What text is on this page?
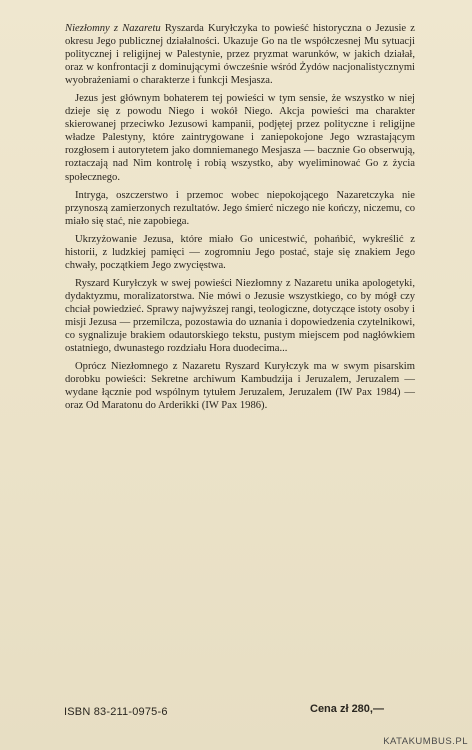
Niezłomny z Nazaretu Ryszarda Kuryłczyka to powieść historyczna o Jezusie z okresu Jego publicznej działalności. Ukazuje Go na tle współczesnej Mu sytuacji politycznej i religijnej w Palestynie, przez pryzmat warunków, w jakich działał, oraz w konfrontacji z dominującymi ówcześnie wśród Żydów nacjonalistycznymi wyobrażeniami o charakterze i funkcji Mesjasza.

Jezus jest głównym bohaterem tej powieści w tym sensie, że wszystko w niej dzieje się z powodu Niego i wokół Niego. Akcja powieści ma charakter skierowanej przeciwko Jezusowi kampanii, podjętej przez polityczne i religijne władze Palestyny, które zaintrygowane i zaniepokojone Jego wzrastającym rozgłosem i autorytetem jako domniemanego Mesjasza — bacznie Go obserwują, roztaczają nad Nim kontrolę i robią wszystko, aby wyeliminować Go z życia społecznego.

Intryga, oszczerstwo i przemoc wobec niepokojącego Nazaretczyka nie przynoszą zamierzonych rezultatów. Jego śmierć niczego nie kończy, niczemu, co miało się stać, nie zapobiega.

Ukrzyżowanie Jezusa, które miało Go unicestwić, pohańbić, wykreślić z historii, z ludzkiej pamięci — zogromniu Jego postać, staje się znakiem Jego chwały, początkiem Jego zwycięstwa.

Ryszard Kuryłczyk w swej powieści Niezłomny z Nazaretu unika apologetyki, dydaktyzmu, moralizatorstwa. Nie mówi o Jezusie wszystkiego, co by mógł czy chciał powiedzieć. Sprawy najwyższej rangi, teologiczne, dotyczące istoty osoby i misji Jezusa — przemilcza, pozostawia do uznania i dopowiedzenia czytelnikowi, co sygnalizuje brakiem odautorskiego tekstu, pustym miejscem pod nagłówkiem ostatniego, dwunastego rozdziału Hora duodecima...

Oprócz Niezłomnego z Nazaretu Ryszard Kuryłczyk ma w swym pisarskim dorobku powieści: Sekretne archiwum Kambudzija i Jeruzalem, Jeruzalem — wydane łącznie pod wspólnym tytułem Jeruzalem, Jeruzalem (IW Pax 1984) — oraz Od Maratonu do Arderikki (IW Pax 1986).

ISBN 83-211-0975-6	Cena zł 280,—
KATAKUMBUS.PL
